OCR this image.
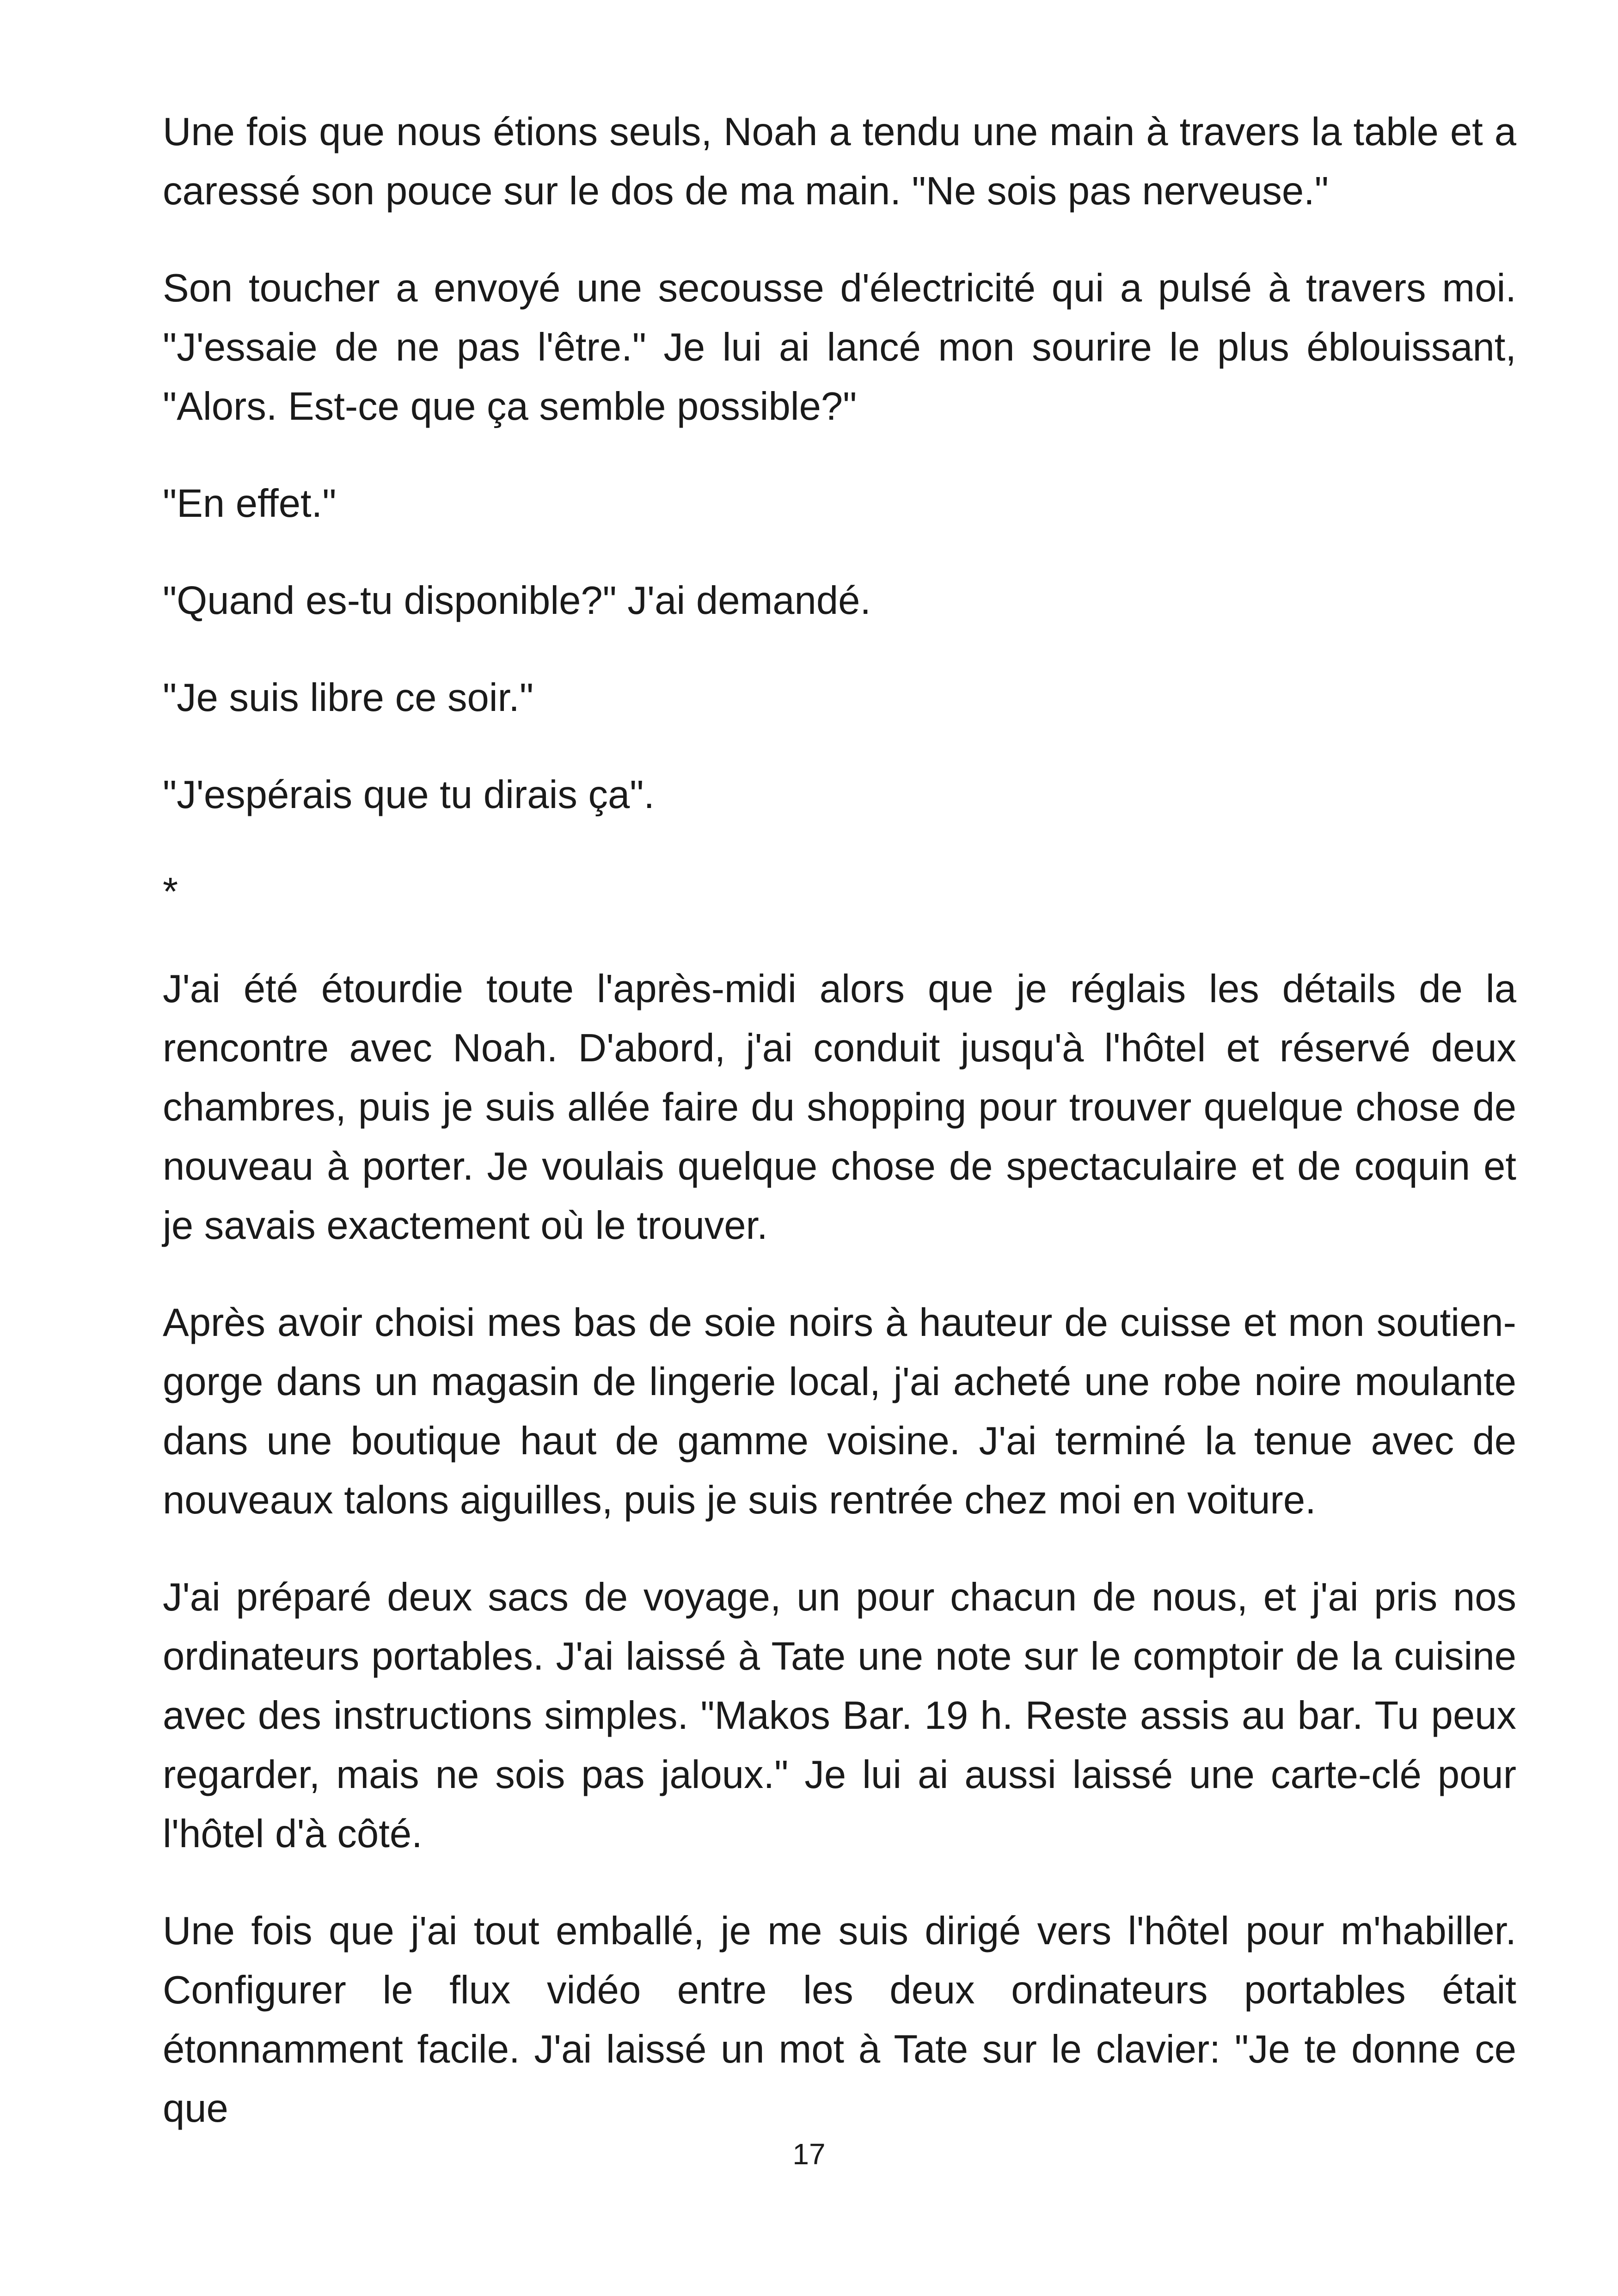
Une fois que nous étions seuls, Noah a tendu une main à travers la table et a caressé son pouce sur le dos de ma main. "Ne sois pas nerveuse."

Son toucher a envoyé une secousse d'électricité qui a pulsé à travers moi. "J'essaie de ne pas l'être." Je lui ai lancé mon sourire le plus éblouissant, "Alors. Est-ce que ça semble possible?"

"En effet."

"Quand es-tu disponible?" J'ai demandé.

"Je suis libre ce soir."

"J'espérais que tu dirais ça".

*

J'ai été étourdie toute l'après-midi alors que je réglais les détails de la rencontre avec Noah. D'abord, j'ai conduit jusqu'à l'hôtel et réservé deux chambres, puis je suis allée faire du shopping pour trouver quelque chose de nouveau à porter. Je voulais quelque chose de spectaculaire et de coquin et je savais exactement où le trouver.

Après avoir choisi mes bas de soie noirs à hauteur de cuisse et mon soutien-gorge dans un magasin de lingerie local, j'ai acheté une robe noire moulante dans une boutique haut de gamme voisine. J'ai terminé la tenue avec de nouveaux talons aiguilles, puis je suis rentrée chez moi en voiture.

J'ai préparé deux sacs de voyage, un pour chacun de nous, et j'ai pris nos ordinateurs portables. J'ai laissé à Tate une note sur le comptoir de la cuisine avec des instructions simples. "Makos Bar. 19 h. Reste assis au bar. Tu peux regarder, mais ne sois pas jaloux." Je lui ai aussi laissé une carte-clé pour l'hôtel d'à côté.

Une fois que j'ai tout emballé, je me suis dirigé vers l'hôtel pour m'habiller. Configurer le flux vidéo entre les deux ordinateurs portables était étonnamment facile. J'ai laissé un mot à Tate sur le clavier: "Je te donne ce que

17
